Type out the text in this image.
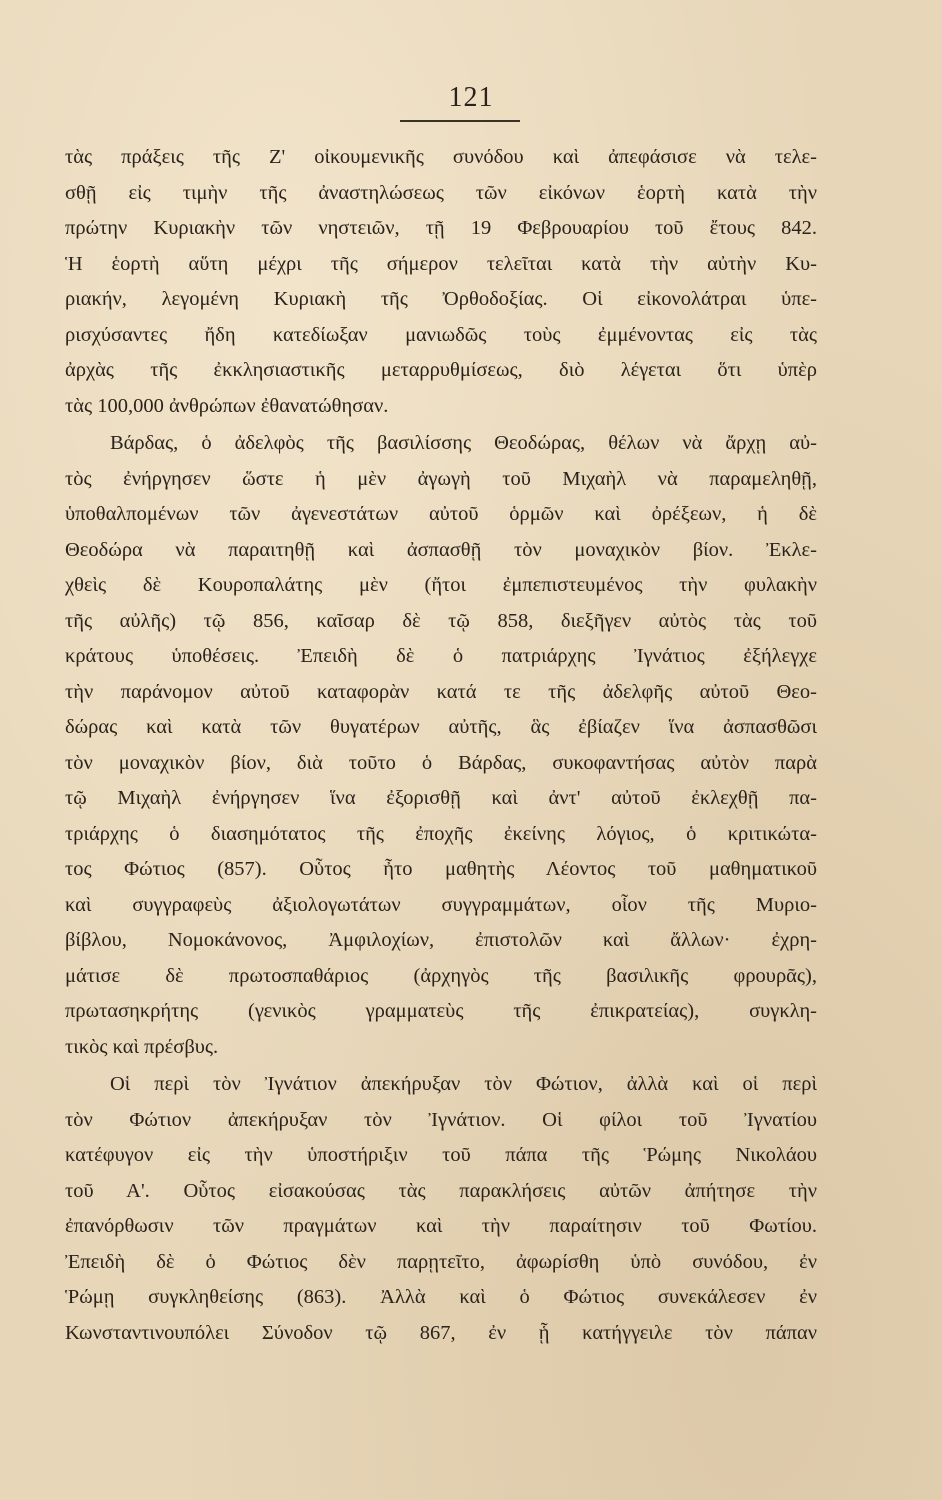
121
τὰς πράξεις τῆς Ζ' οἰκουμενικῆς συνόδου καὶ ἀπεφάσισε νὰ τελε-
σθῇ εἰς τιμὴν τῆς ἀναστηλώσεως τῶν εἰκόνων ἑορτὴ κατὰ τὴν
πρώτην Κυριακὴν τῶν νηστειῶν, τῇ 19 Φεβρουαρίου τοῦ ἔτους 842.
Ἡ ἑορτὴ αὕτη μέχρι τῆς σήμερον τελεῖται κατὰ τὴν αὐτὴν Κυ-
ριακήν, λεγομένη Κυριακὴ τῆς Ὀρθοδοξίας. Οἱ εἰκονολάτραι ὑπε-
ρισχύσαντες ἤδη κατεδίωξαν μανιωδῶς τοὺς ἐμμένοντας εἰς τὰς
ἀρχὰς τῆς ἐκκλησιαστικῆς μεταρρυθμίσεως, διὸ λέγεται ὅτι ὑπὲρ
τὰς 100,000 ἀνθρώπων ἐθανατώθησαν.
Βάρδας, ὁ ἀδελφὸς τῆς βασιλίσσης Θεοδώρας, θέλων νὰ ἄρχῃ αὐ-
τὸς ἐνήργησεν ὥστε ἡ μὲν ἀγωγὴ τοῦ Μιχαὴλ νὰ παραμεληθῇ,
ὑποθαλπομένων τῶν ἀγενεστάτων αὐτοῦ ὁρμῶν καὶ ὀρέξεων, ἡ δὲ
Θεοδώρα νὰ παραιτηθῇ καὶ ἀσπασθῇ τὸν μοναχικὸν βίον. Ἐκλε-
χθεὶς δὲ Κουροπαλάτης μὲν (ἤτοι ἐμπεπιστευμένος τὴν φυλακὴν
τῆς αὐλῆς) τῷ 856, καῖσαρ δὲ τῷ 858, διεξῆγεν αὐτὸς τὰς τοῦ
κράτους ὑποθέσεις. Ἐπειδὴ δὲ ὁ πατριάρχης Ἰγνάτιος ἐξήλεγχε
τὴν παράνομον αὐτοῦ καταφορὰν κατά τε τῆς ἀδελφῆς αὐτοῦ Θεο-
δώρας καὶ κατὰ τῶν θυγατέρων αὐτῆς, ἃς ἐβίαζεν ἵνα ἀσπασθῶσι
τὸν μοναχικὸν βίον, διὰ τοῦτο ὁ Βάρδας, συκοφαντήσας αὐτὸν παρὰ
τῷ Μιχαὴλ ἐνήργησεν ἵνα ἐξορισθῇ καὶ ἀντ' αὐτοῦ ἐκλεχθῇ πα-
τριάρχης ὁ διασημότατος τῆς ἐποχῆς ἐκείνης λόγιος, ὁ κριτικώτα-
τος Φώτιος (857). Οὗτος ἦτο μαθητὴς Λέοντος τοῦ μαθηματικοῦ
καὶ συγγραφεὺς ἀξιολογωτάτων συγγραμμάτων, οἷον τῆς Μυριο-
βίβλου, Νομοκάνονος, Ἀμφιλοχίων, ἐπιστολῶν καὶ ἄλλων· ἐχρη-
μάτισε δὲ πρωτοσπαθάριος (ἀρχηγὸς τῆς βασιλικῆς φρουρᾶς),
πρωτασηκρήτης (γενικὸς γραμματεὺς τῆς ἐπικρατείας), συγκλη-
τικὸς καὶ πρέσβυς.
Οἱ περὶ τὸν Ἰγνάτιον ἀπεκήρυξαν τὸν Φώτιον, ἀλλὰ καὶ οἱ περὶ
τὸν Φώτιον ἀπεκήρυξαν τὸν Ἰγνάτιον. Οἱ φίλοι τοῦ Ἰγνατίου
κατέφυγον εἰς τὴν ὑποστήριξιν τοῦ πάπα τῆς Ῥώμης Νικολάου
τοῦ Α'. Οὗτος εἰσακούσας τὰς παρακλήσεις αὐτῶν ἀπήτησε τὴν
ἐπανόρθωσιν τῶν πραγμάτων καὶ τὴν παραίτησιν τοῦ Φωτίου.
Ἐπειδὴ δὲ ὁ Φώτιος δὲν παρῃτεῖτο, ἀφωρίσθη ὑπὸ συνόδου, ἐν
Ῥώμῃ συγκληθείσης (863). Ἀλλὰ καὶ ὁ Φώτιος συνεκάλεσεν ἐν
Κωνσταντινουπόλει Σύνοδον τῷ 867, ἐν ᾗ κατήγγειλε τὸν πάπαν
